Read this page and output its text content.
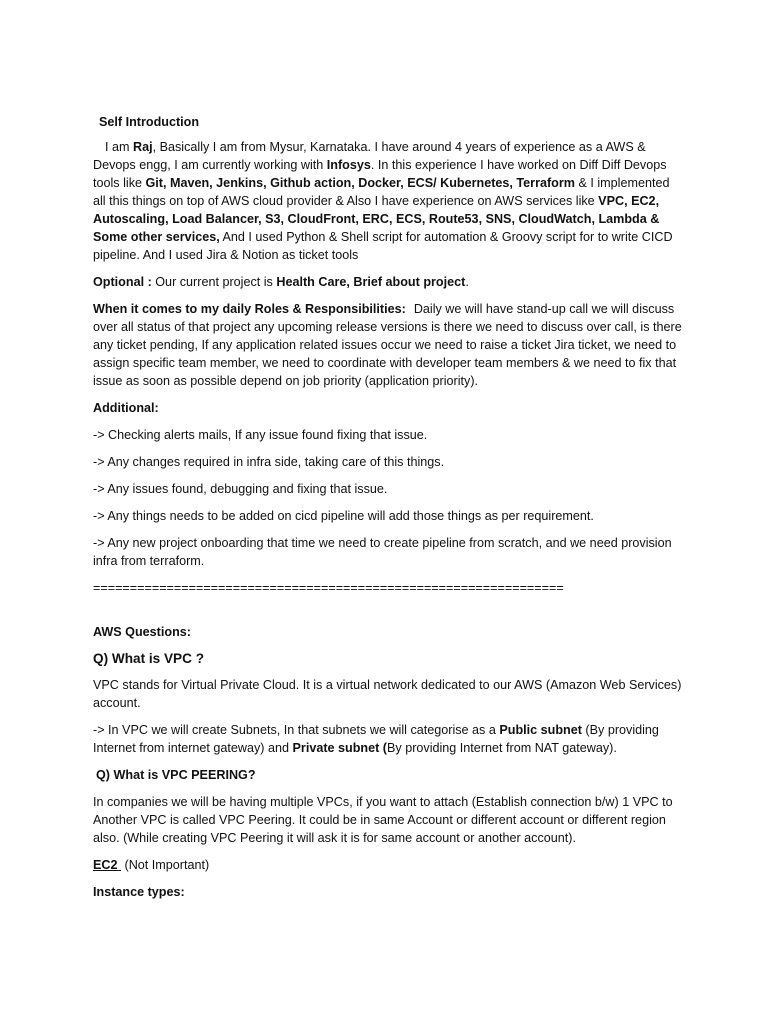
Self Introduction

I am Raj, Basically I am from Mysur, Karnataka. I have around 4 years of experience as a AWS & Devops engg, I am currently working with Infosys. In this experience I have worked on Diff Diff Devops tools like Git, Maven, Jenkins, Github action, Docker, ECS/ Kubernetes, Terraform & I implemented all this things on top of AWS cloud provider & Also I have experience on AWS services like VPC, EC2, Autoscaling, Load Balancer, S3, CloudFront, ERC, ECS, Route53, SNS, CloudWatch, Lambda & Some other services, And I used Python & Shell script for automation & Groovy script for to write CICD pipeline. And I used Jira & Notion as ticket tools

Optional : Our current project is Health Care, Brief about project.

When it comes to my daily Roles & Responsibilities: Daily we will have stand-up call we will discuss over all status of that project any upcoming release versions is there we need to discuss over call, is there any ticket pending, If any application related issues occur we need to raise a ticket Jira ticket, we need to assign specific team member, we need to coordinate with developer team members & we need to fix that issue as soon as possible depend on job priority (application priority).

Additional:

-> Checking alerts mails, If any issue found fixing that issue.

-> Any changes required in infra side, taking care of this things.

-> Any issues found, debugging and fixing that issue.

-> Any things needs to be added on cicd pipeline will add those things as per requirement.

-> Any new project onboarding that time we need to create pipeline from scratch, and we need provision infra from terraform.

================================================================

AWS Questions:

Q) What is VPC ?

VPC stands for Virtual Private Cloud. It is a virtual network dedicated to our AWS (Amazon Web Services) account.

-> In VPC we will create Subnets, In that subnets we will categorise as a Public subnet (By providing Internet from internet gateway) and Private subnet (By providing Internet from NAT gateway).

Q) What is VPC PEERING?

In companies we will be having multiple VPCs, if you want to attach (Establish connection b/w) 1 VPC to Another VPC is called VPC Peering. It could be in same Account or different account or different region also. (While creating VPC Peering it will ask it is for same account or another account).

EC2  (Not Important)

Instance types:
